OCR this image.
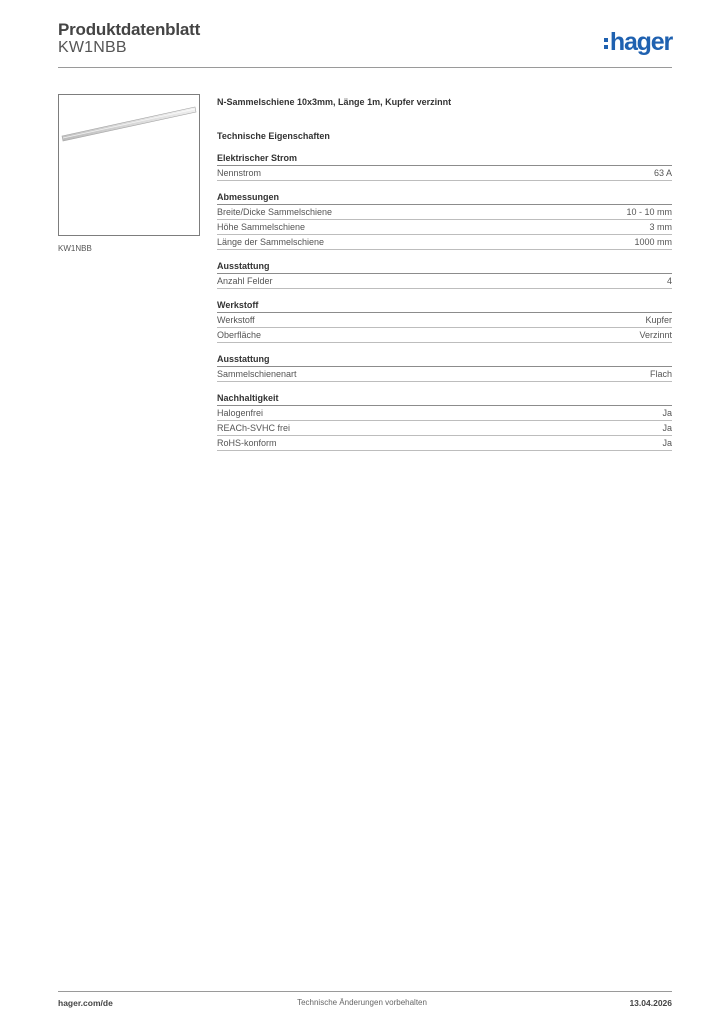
Produktdatenblatt
KW1NBB	hager
KW1NBB
N-Sammelschiene 10x3mm, Länge 1m, Kupfer verzinnt
Technische Eigenschaften
Elektrischer Strom
Nennstrom	63 A
Abmessungen
Breite/Dicke Sammelschiene	10 - 10 mm
Höhe Sammelschiene	3 mm
Länge der Sammelschiene	1000 mm
Ausstattung
Anzahl Felder	4
Werkstoff
Werkstoff	Kupfer
Oberfläche	Verzinnt
Ausstattung
Sammelschienenart	Flach
Nachhaltigkeit
Halogenfrei	Ja
REACh-SVHC frei	Ja
RoHS-konform	Ja
hager.com/de	Technische Änderungen vorbehalten	13.04.2026
